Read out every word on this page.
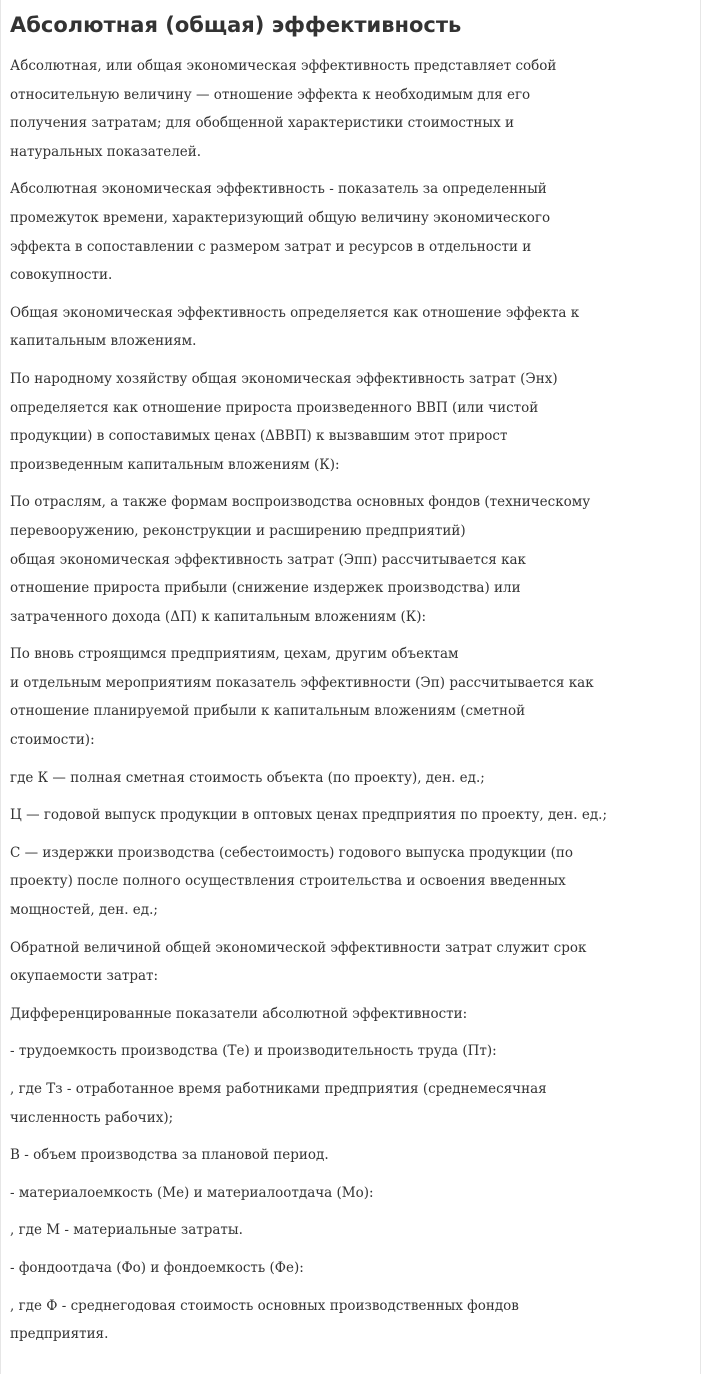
Абсолютная (общая) эффективность

Абсолютная, или общая экономическая эффективность представляет собой
относительную величину — отношение эффекта к необходимым для его
получения затратам; для обобщенной характеристики стоимостных и
натуральных показателей.

Абсолютная экономическая эффективность - показатель за определенный
промежуток времени, характеризующий общую величину экономического
эффекта в сопоставлении с размером затрат и ресурсов в отдельности и
совокупности.

Общая экономическая эффективность определяется как отношение эффекта к
капитальным вложениям.

По народному хозяйству общая экономическая эффективность затрат (Энх)
определяется как отношение прироста произведенного ВВП (или чистой
продукции) в сопоставимых ценах (ΔВВП) к вызвавшим этот прирост
произведенным капитальным вложениям (К):

По отраслям, а также формам воспроизводства основных фондов (техническому
перевооружению, реконструкции и расширению предприятий)
общая экономическая эффективность затрат (Эпп) рассчитывается как
отношение прироста прибыли (снижение издержек производства) или
затраченного дохода (ΔП) к капитальным вложениям (К):

По вновь строящимся предприятиям, цехам, другим объектам
и отдельным мероприятиям показатель эффективности (Эп) рассчитывается как
отношение планируемой прибыли к капитальным вложениям (сметной
стоимости):

где К — полная сметная стоимость объекта (по проекту), ден. ед.;

Ц — годовой выпуск продукции в оптовых ценах предприятия по проекту, ден. ед.;

С — издержки производства (себестоимость) годового выпуска продукции (по
проекту) после полного осуществления строительства и освоения введенных
мощностей, ден. ед.;

Обратной величиной общей экономической эффективности затрат служит срок
окупаемости затрат:

Дифференцированные показатели абсолютной эффективности:

- трудоемкость производства (Те) и производительность труда (Пт):

, где Тз - отработанное время работниками предприятия (среднемесячная
численность рабочих);

В - объем производства за плановой период.

- материалоемкость (Ме) и материалоотдача (Мо):

, где М - материальные затраты.

- фондоотдача (Фо) и фондоемкость (Фе):

, где Ф - среднегодовая стоимость основных производственных фондов
предприятия.
